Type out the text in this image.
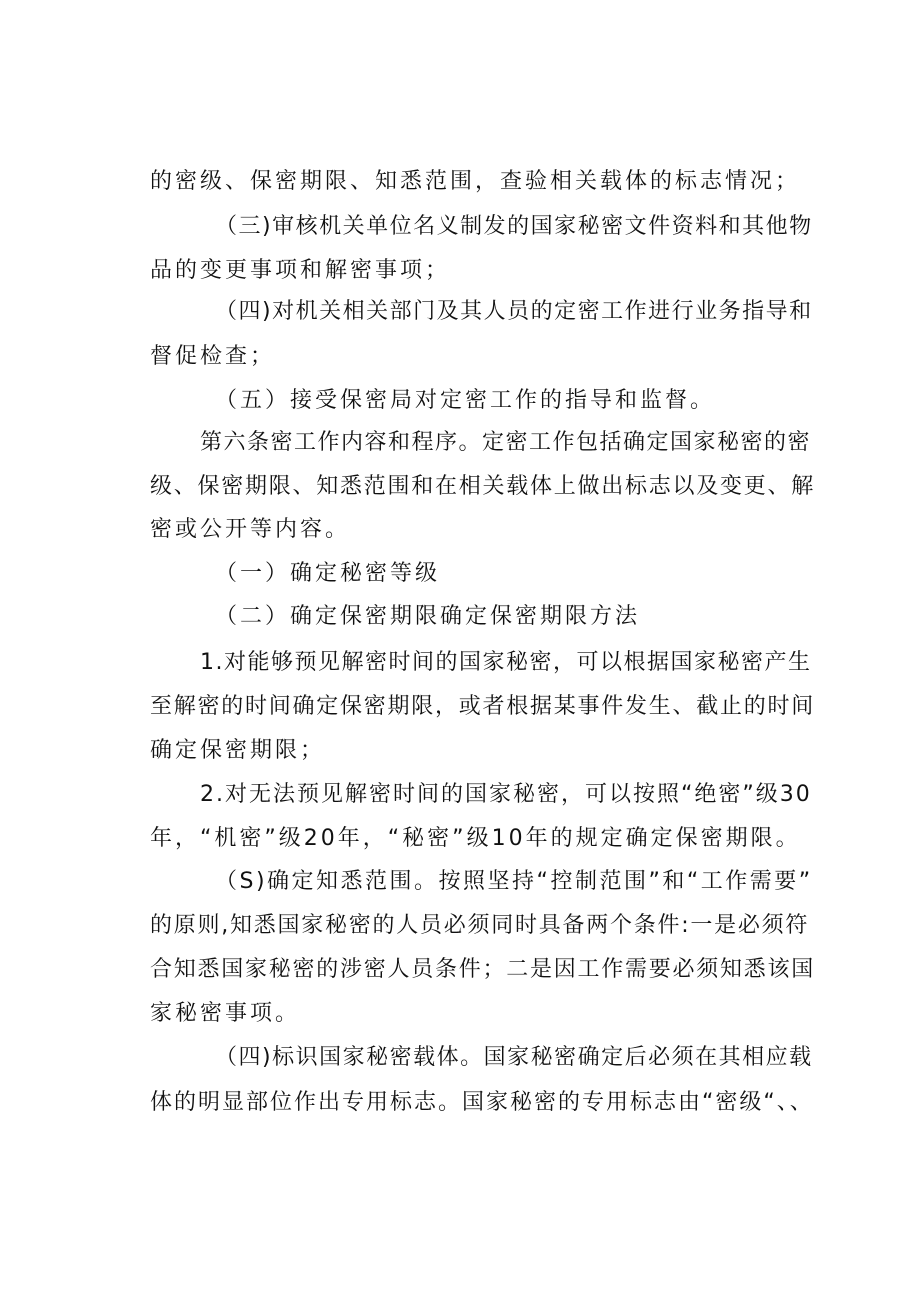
的密级、保密期限、知悉范围，查验相关载体的标志情况；
（三)审核机关单位名义制发的国家秘密文件资料和其他物
品的变更事项和解密事项；
（四)对机关相关部门及其人员的定密工作进行业务指导和
督促检查；
（五）接受保密局对定密工作的指导和监督。
第六条密工作内容和程序。定密工作包括确定国家秘密的密
级、保密期限、知悉范围和在相关载体上做出标志以及变更、解
密或公开等内容。
（一）确定秘密等级
（二）确定保密期限确定保密期限方法
1.对能够预见解密时间的国家秘密，可以根据国家秘密产生
至解密的时间确定保密期限，或者根据某事件发生、截止的时间
确定保密期限；
2.对无法预见解密时间的国家秘密，可以按照“绝密”级30
年，“机密”级20年，“秘密”级10年的规定确定保密期限。
（S)确定知悉范围。按照坚持“控制范围”和“工作需要”
的原则,知悉国家秘密的人员必须同时具备两个条件:一是必须符
合知悉国家秘密的涉密人员条件；二是因工作需要必须知悉该国
家秘密事项。
（四)标识国家秘密载体。国家秘密确定后必须在其相应载
体的明显部位作出专用标志。国家秘密的专用标志由“密级“、、
